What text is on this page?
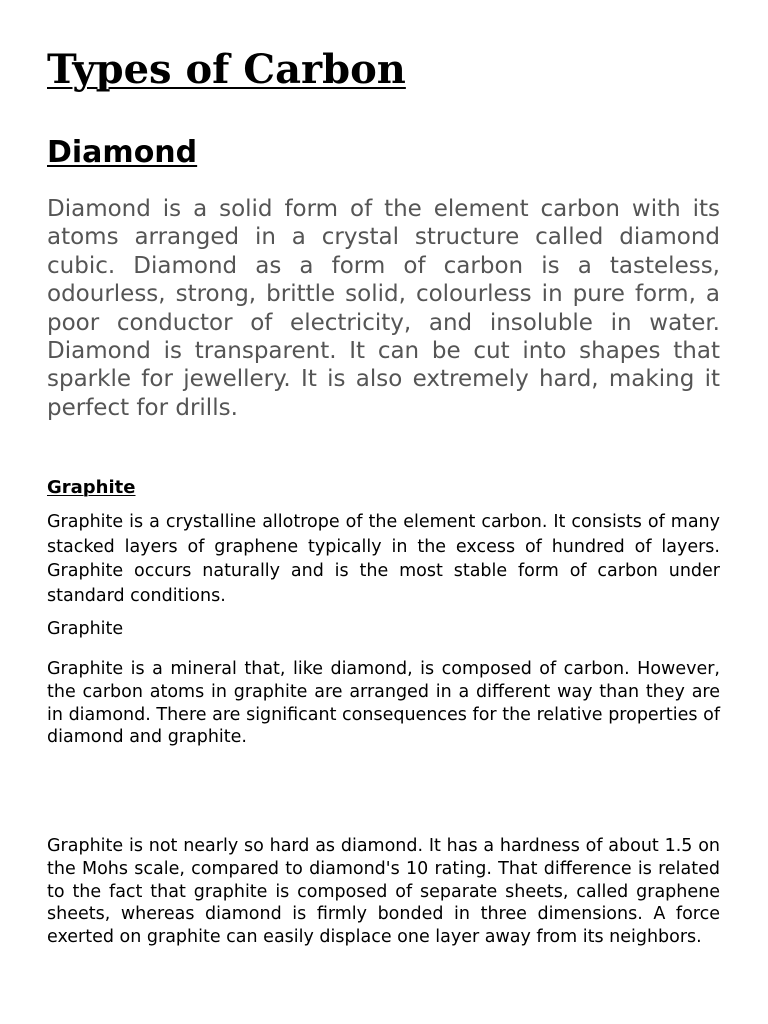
Types of Carbon
Diamond

Diamond is a solid form of the element carbon with its atoms arranged in a crystal structure called diamond cubic. Diamond as a form of carbon is a tasteless, odourless, strong, brittle solid, colourless in pure form, a poor conductor of electricity, and insoluble in water. Diamond is transparent. It can be cut into shapes that sparkle for jewellery. It is also extremely hard, making it perfect for drills.

Graphite

Graphite is a crystalline allotrope of the element carbon. It consists of many stacked layers of graphene typically in the excess of hundred of layers. Graphite occurs naturally and is the most stable form of carbon under standard conditions.

Graphite

Graphite is a mineral that, like diamond, is composed of carbon. However, the carbon atoms in graphite are arranged in a different way than they are in diamond. There are significant consequences for the relative properties of diamond and graphite.

Graphite is not nearly so hard as diamond. It has a hardness of about 1.5 on the Mohs scale, compared to diamond's 10 rating. That difference is related to the fact that graphite is composed of separate sheets, called graphene sheets, whereas diamond is firmly bonded in three dimensions. A force exerted on graphite can easily displace one layer away from its neighbors.
